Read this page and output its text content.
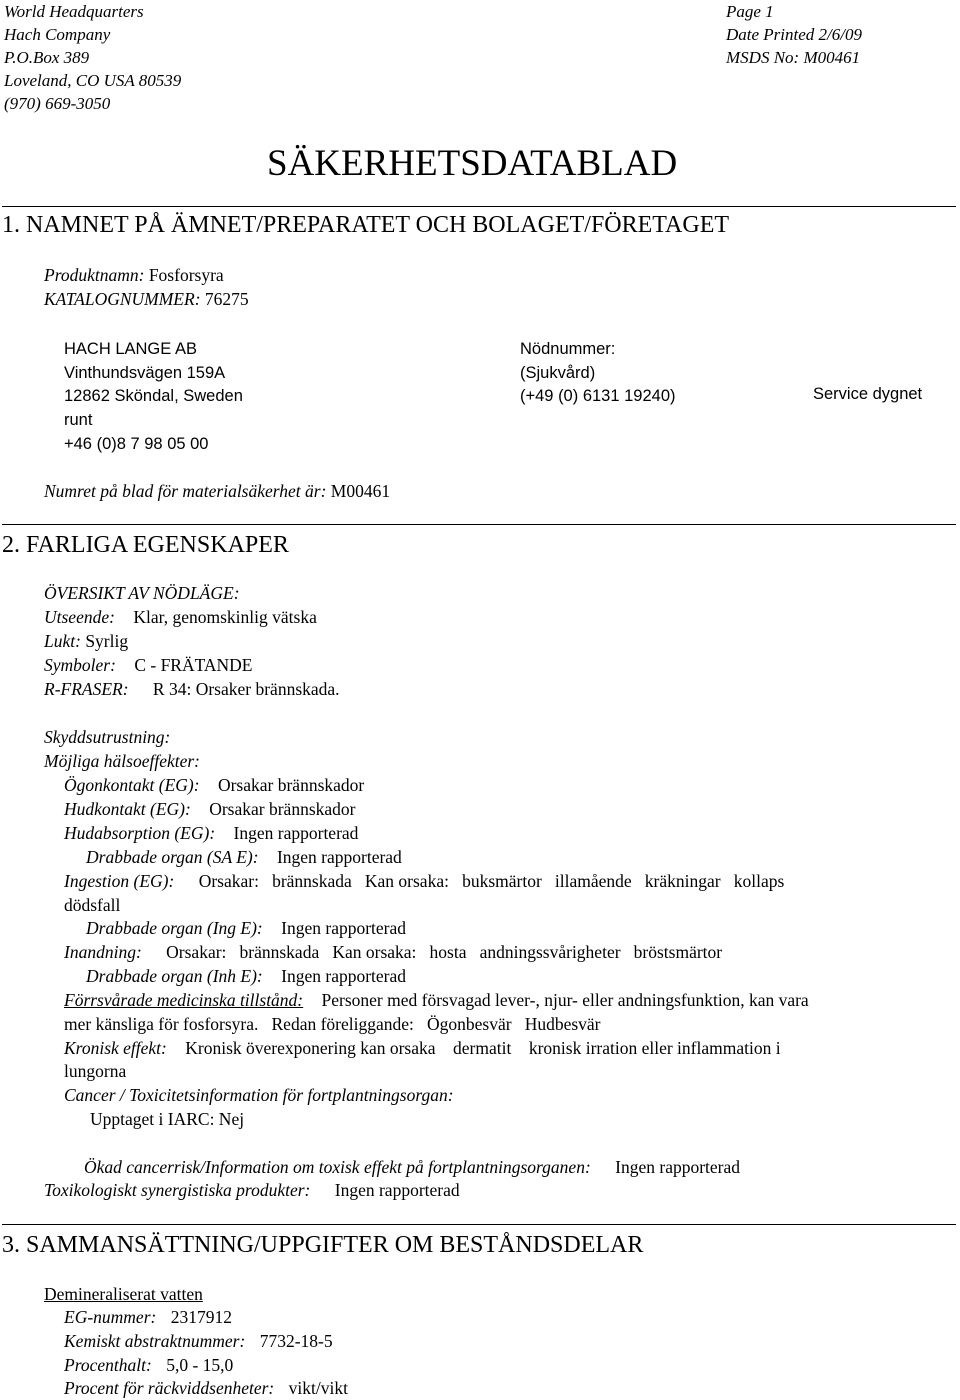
World Headquarters
Hach Company
P.O.Box 389
Loveland, CO USA 80539
(970) 669-3050
Page 1
Date Printed 2/6/09
MSDS No: M00461
SÄKERHETSDATABLAD
1. NAMNET PÅ ÄMNET/PREPARATET OCH BOLAGET/FÖRETAGET
Produktnamn: Fosforsyra
KATALOGNUMMER: 76275
HACH LANGE AB
Vinthundsvägen 159A
12862 Sköndal, Sweden
runt
+46 (0)8 7 98 05 00
Nödnummer:
(Sjukvård)
(+49 (0) 6131 19240)	Service dygnet
Numret på blad för materialsäkerhet är: M00461
2. FARLIGA EGENSKAPER
ÖVERSIKT AV NÖDLÄGE:
Utseende: Klar, genomskinlig vätska
Lukt: Syrlig
Symboler: C - FRÄTANDE
R-FRASER: R 34: Orsaker brännskada.
Skyddsutrustning:
Möjliga hälsoeffekter:
Ögonkontakt (EG): Orsakar brännskador
Hudkontakt (EG): Orsakar brännskador
Hudabsorption (EG): Ingen rapporterad
Drabbade organ (SA E): Ingen rapporterad
Ingestion (EG): Orsakar:   brännskada   Kan orsaka:   buksmärtor   illamående   kräkningar   kollaps
dödsfall
Drabbade organ (Ing E): Ingen rapporterad
Inandning: Orsakar:   brännskada   Kan orsaka:   hosta   andningssvårigheter   bröstsmärtor
Drabbade organ (Inh E): Ingen rapporterad
Förrsvårade medicinska tillstånd: Personer med försvagad lever-, njur- eller andningsfunktion, kan vara
mer känsliga för fosforsyra.   Redan föreliggande:   Ögonbesvär   Hudbesvär
Kronisk effekt: Kronisk överexponering kan orsaka    dermatit    kronisk irration eller inflammation i
lungorna
Cancer / Toxicitetsinformation för fortplantningsorgan:
Upptaget i IARC: Nej
Ökad cancerrisk/Information om toxisk effekt på fortplantningsorganen: Ingen rapporterad
Toxikologiskt synergistiska produkter: Ingen rapporterad
3. SAMMANSÄTTNING/UPPGIFTER OM BESTÅNDSDELAR
Demineraliserat vatten
EG-nummer: 2317912
Kemiskt abstraktnummer: 7732-18-5
Procenthalt: 5,0 - 15,0
Procent för räckviddsenheter: vikt/vikt
